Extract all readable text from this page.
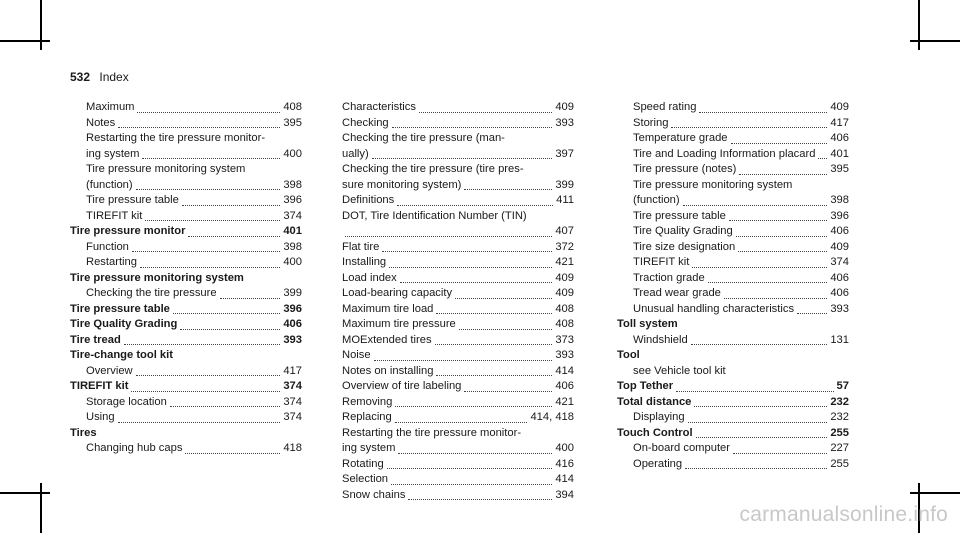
532 Index
Maximum	408
Notes	395
Restarting the tire pressure monitor-
ing system	400
Tire pressure monitoring system
(function)	398
Tire pressure table	396
TIREFIT kit	374
Tire pressure monitor	401
Function	398
Restarting	400
Tire pressure monitoring system
Checking the tire pressure	399
Tire pressure table	396
Tire Quality Grading	406
Tire tread	393
Tire-change tool kit
Overview	417
TIREFIT kit	374
Storage location	374
Using	374
Tires
Changing hub caps	418
Characteristics	409
Checking	393
Checking the tire pressure (man-
ually)	397
Checking the tire pressure (tire pres-
sure monitoring system)	399
Definitions	411
DOT, Tire Identification Number (TIN)
407
Flat tire	372
Installing	421
Load index	409
Load-bearing capacity	409
Maximum tire load	408
Maximum tire pressure	408
MOExtended tires	373
Noise	393
Notes on installing	414
Overview of tire labeling	406
Removing	421
Replacing	414, 418
Restarting the tire pressure monitor-
ing system	400
Rotating	416
Selection	414
Snow chains	394
Speed rating	409
Storing	417
Temperature grade	406
Tire and Loading Information placard 401
Tire pressure (notes)	395
Tire pressure monitoring system
(function)	398
Tire pressure table	396
Tire Quality Grading	406
Tire size designation	409
TIREFIT kit	374
Traction grade	406
Tread wear grade	406
Unusual handling characteristics	393
Toll system
Windshield	131
Tool
see Vehicle tool kit
Top Tether	57
Total distance	232
Displaying	232
Touch Control	255
On-board computer	227
Operating	255
carmanualsonline.info
